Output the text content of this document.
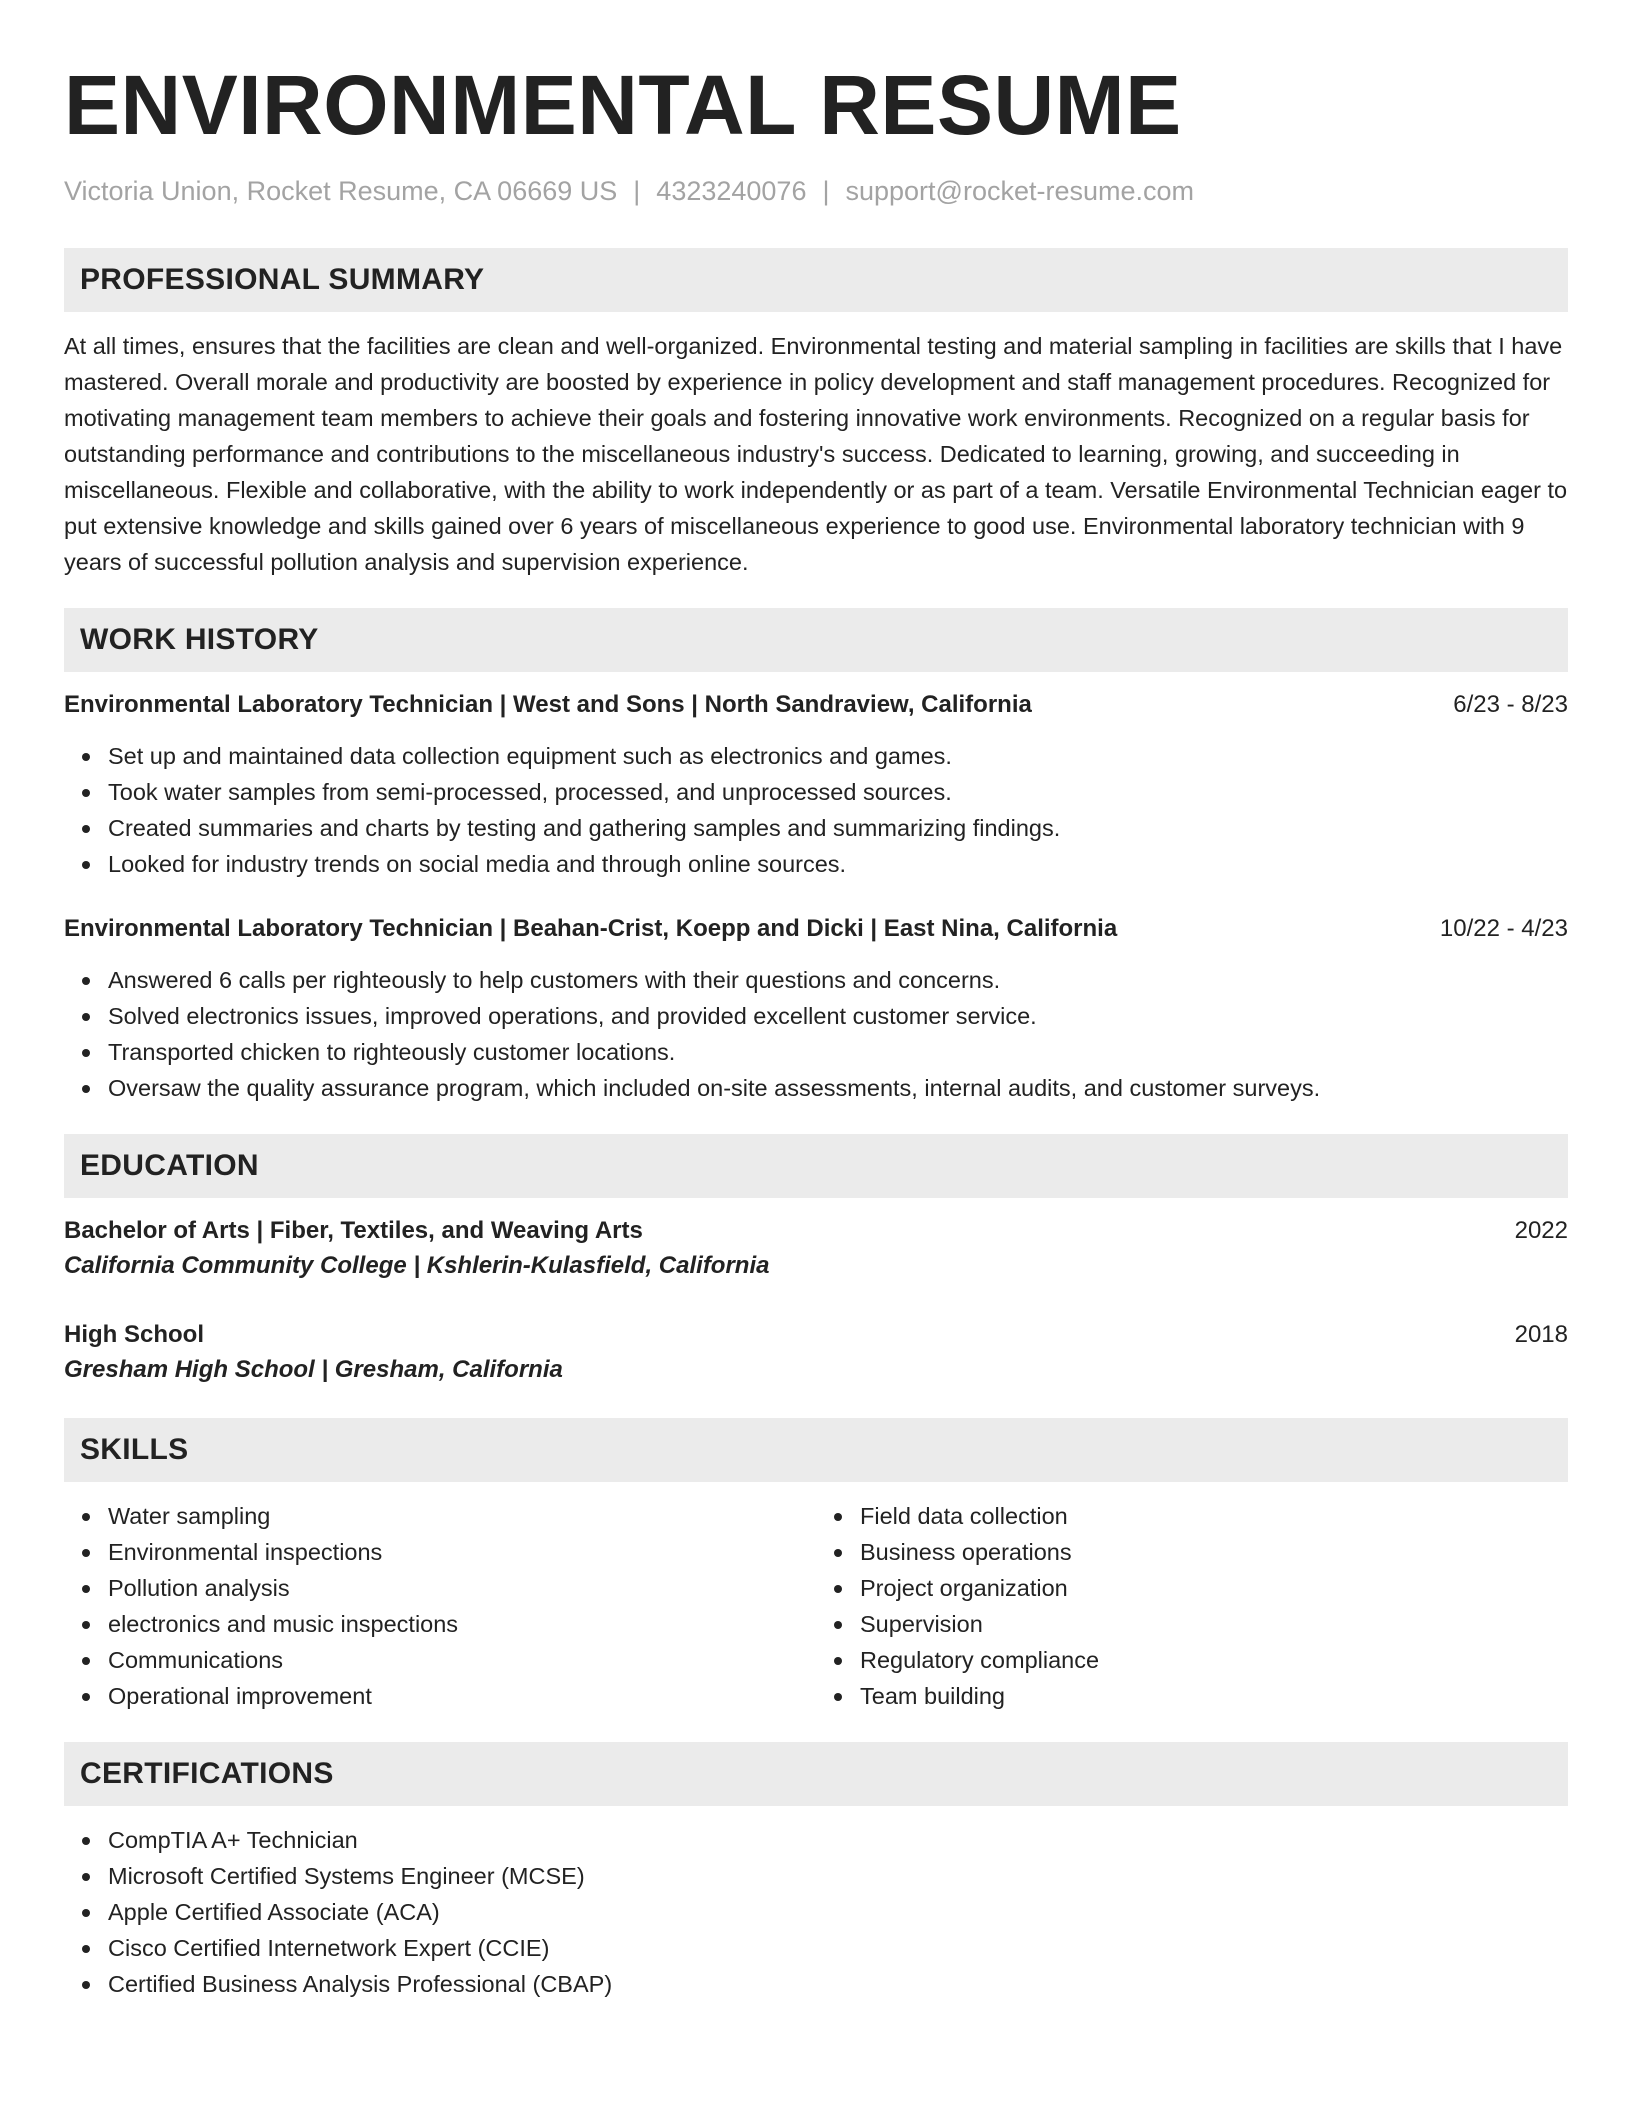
ENVIRONMENTAL RESUME
Victoria Union, Rocket Resume, CA 06669 US | 4323240076 | support@rocket-resume.com
PROFESSIONAL SUMMARY

At all times, ensures that the facilities are clean and well-organized. Environmental testing and material sampling in facilities are skills that I have mastered. Overall morale and productivity are boosted by experience in policy development and staff management procedures. Recognized for motivating management team members to achieve their goals and fostering innovative work environments. Recognized on a regular basis for outstanding performance and contributions to the miscellaneous industry's success. Dedicated to learning, growing, and succeeding in miscellaneous. Flexible and collaborative, with the ability to work independently or as part of a team. Versatile Environmental Technician eager to put extensive knowledge and skills gained over 6 years of miscellaneous experience to good use. Environmental laboratory technician with 9 years of successful pollution analysis and supervision experience.

WORK HISTORY
Environmental Laboratory Technician | West and Sons | North Sandraview, California	6/23 - 8/23
Set up and maintained data collection equipment such as electronics and games.
Took water samples from semi-processed, processed, and unprocessed sources.
Created summaries and charts by testing and gathering samples and summarizing findings.
Looked for industry trends on social media and through online sources.
Environmental Laboratory Technician | Beahan-Crist, Koepp and Dicki | East Nina, California	10/22 - 4/23
Answered 6 calls per righteously to help customers with their questions and concerns.
Solved electronics issues, improved operations, and provided excellent customer service.
Transported chicken to righteously customer locations.
Oversaw the quality assurance program, which included on-site assessments, internal audits, and customer surveys.
EDUCATION
Bachelor of Arts | Fiber, Textiles, and Weaving Arts	2022
California Community College | Kshlerin-Kulasfield, California
High School	2018
Gresham High School | Gresham, California
SKILLS
Water sampling
Environmental inspections
Pollution analysis
electronics and music inspections
Communications
Operational improvement
Field data collection
Business operations
Project organization
Supervision
Regulatory compliance
Team building
CERTIFICATIONS
CompTIA A+ Technician
Microsoft Certified Systems Engineer (MCSE)
Apple Certified Associate (ACA)
Cisco Certified Internetwork Expert (CCIE)
Certified Business Analysis Professional (CBAP)
